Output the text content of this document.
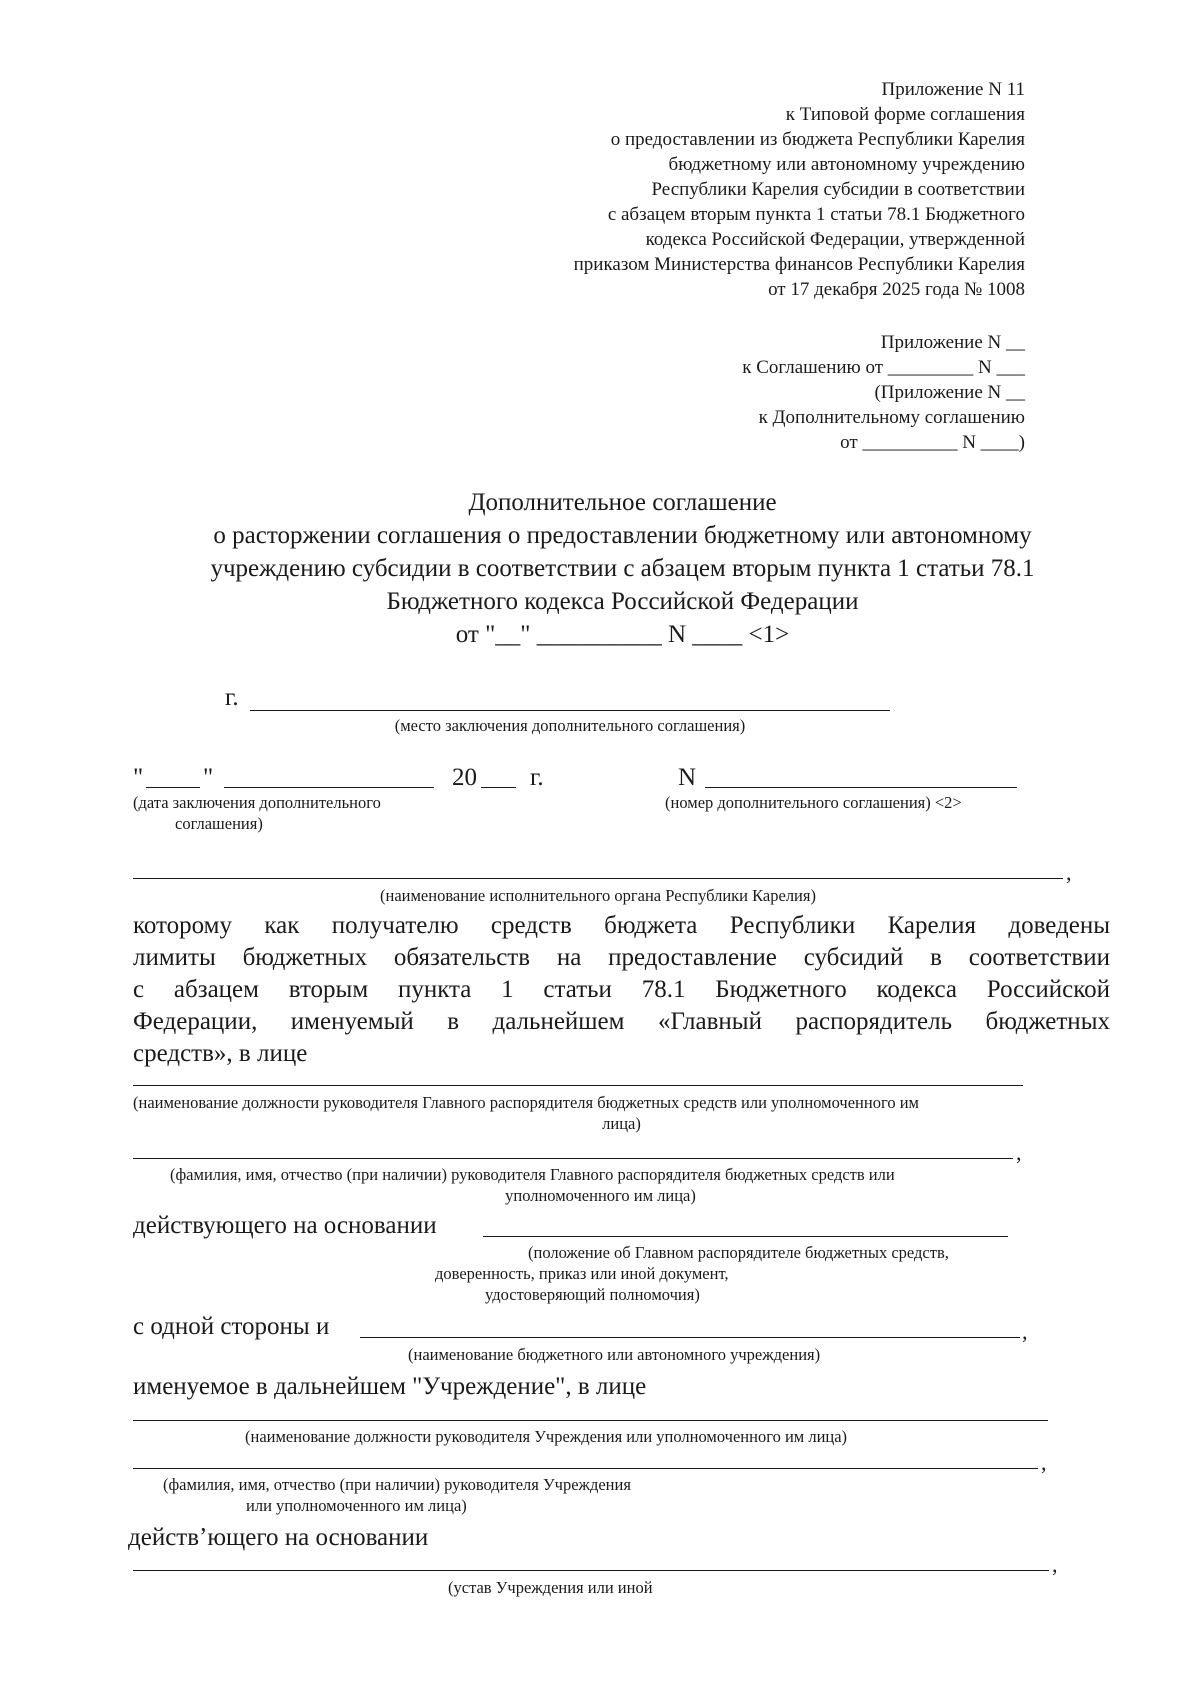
Приложение N 11
к Типовой форме соглашения
о предоставлении из бюджета Республики Карелия
бюджетному или автономному учреждению
Республики Карелия субсидии в соответствии
с абзацем вторым пункта 1 статьи 78.1 Бюджетного
кодекса Российской Федерации, утвержденной
приказом Министерства финансов Республики Карелия
от 17 декабря 2025 года № 1008
Приложение N __
к Соглашению от _________ N ___
(Приложение N __
к Дополнительному соглашению
от __________ N ____)
Дополнительное соглашение
о расторжении соглашения о предоставлении бюджетному или автономному
учреждению субсидии в соответствии с абзацем вторым пункта 1 статьи 78.1
Бюджетного кодекса Российской Федерации
от "__" __________ N ____ <1>
г.
(место заключения дополнительного соглашения)
" "	20 г.	N
(дата заключения дополнительного
соглашения)
(номер дополнительного соглашения) <2>
,
(наименование исполнительного органа Республики Карелия)
которому как получателю средств бюджета Республики Карелия доведены
лимиты бюджетных обязательств на предоставление субсидий в соответствии
с абзацем вторым пункта 1 статьи 78.1 Бюджетного кодекса Российской
Федерации, именуемый в дальнейшем «Главный распорядитель бюджетных
средств», в лице
(наименование должности руководителя Главного распорядителя бюджетных средств или уполномоченного им
лица)
,
(фамилия, имя, отчество (при наличии) руководителя Главного распорядителя бюджетных средств или
уполномоченного им лица)
действующего на основании
(положение об Главном распорядителе бюджетных средств,
доверенность, приказ или иной документ,
удостоверяющий полномочия)
с одной стороны и	,
(наименование бюджетного или автономного учреждения)
именуемое в дальнейшем "Учреждение", в лице
(наименование должности руководителя Учреждения или уполномоченного им лица)
,
(фамилия, имя, отчество (при наличии) руководителя Учреждения
или уполномоченного им лица)
действʼющего на основании
,
(устав Учреждения или иной
